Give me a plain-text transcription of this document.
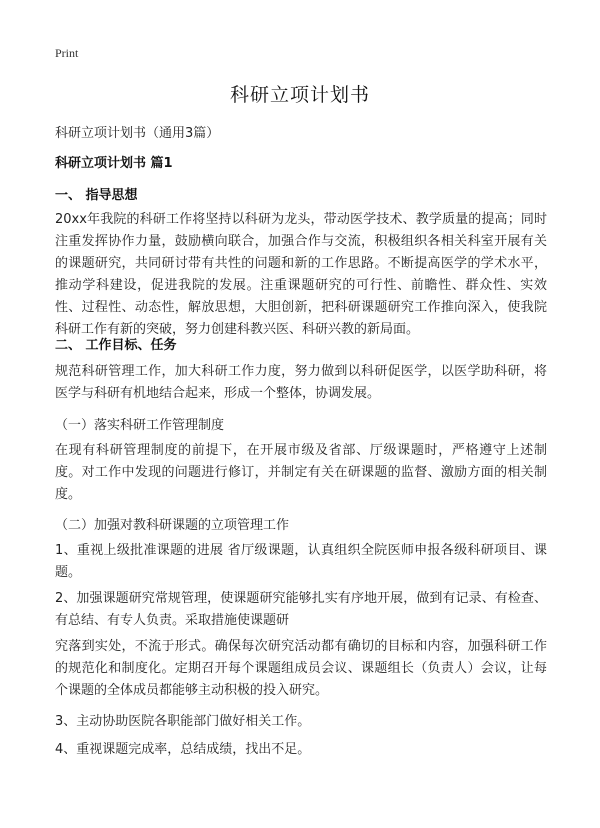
Print
科研立项计划书
科研立项计划书（通用3篇）
科研立项计划书 篇1
一、 指导思想
20xx年我院的科研工作将坚持以科研为龙头，带动医学技术、教学质量的提高；同时注重发挥协作力量，鼓励横向联合，加强合作与交流，积极组织各相关科室开展有关的课题研究，共同研讨带有共性的问题和新的工作思路。不断提高医学的学术水平，推动学科建设，促进我院的发展。注重课题研究的可行性、前瞻性、群众性、实效性、过程性、动态性，解放思想，大胆创新，把科研课题研究工作推向深入，使我院科研工作有新的突破，努力创建科教兴医、科研兴教的新局面。
二、 工作目标、任务
规范科研管理工作，加大科研工作力度，努力做到以科研促医学，以医学助科研，将医学与科研有机地结合起来，形成一个整体，协调发展。
（一）落实科研工作管理制度
在现有科研管理制度的前提下，在开展市级及省部、厅级课题时，严格遵守上述制度。对工作中发现的问题进行修订，并制定有关在研课题的监督、激励方面的相关制度。
（二）加强对教科研课题的立项管理工作
1、重视上级批准课题的进展 省厅级课题，认真组织全院医师申报各级科研项目、课题。
2、加强课题研究常规管理，使课题研究能够扎实有序地开展，做到有记录、有检查、有总结、有专人负责。采取措施使课题研
究落到实处，不流于形式。确保每次研究活动都有确切的目标和内容，加强科研工作的规范化和制度化。定期召开每个课题组成员会议、课题组长（负责人）会议，让每个课题的全体成员都能够主动积极的投入研究。
3、主动协助医院各职能部门做好相关工作。
4、重视课题完成率，总结成绩，找出不足。
